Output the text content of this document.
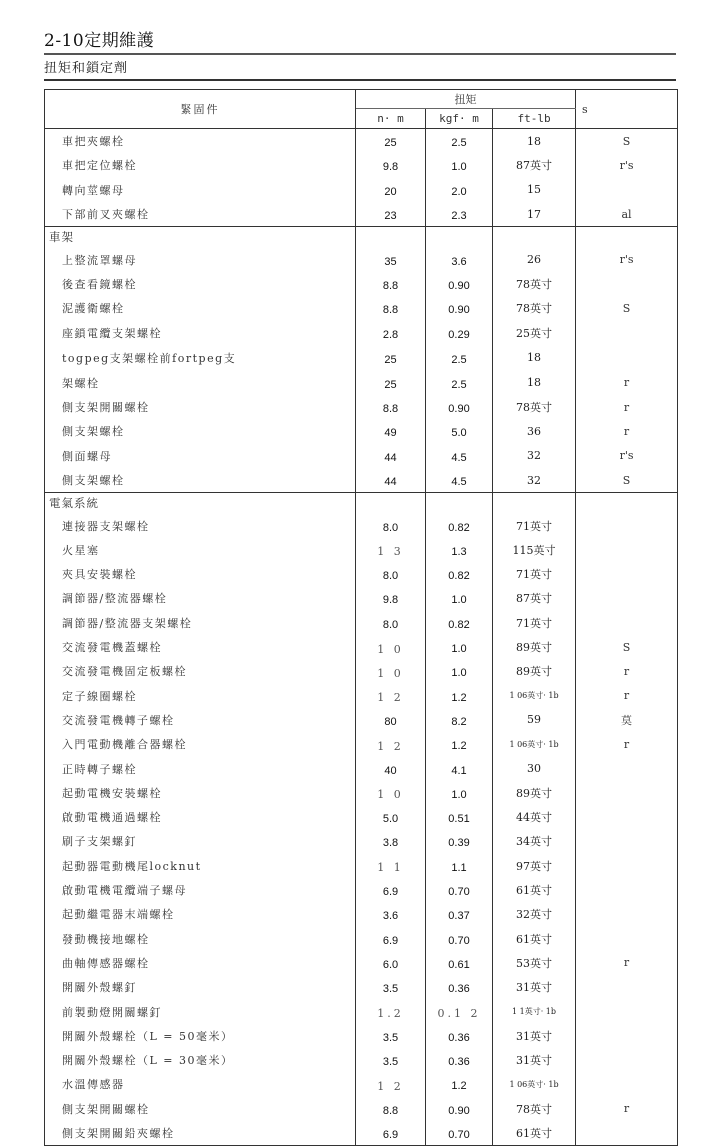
2-10定期維護
扭矩和鎖定劑
緊固件	扭矩			s
	n· m	kgf· m	ft-lb	
車把夾螺栓	25	2.5	18	S
車把定位螺栓	9.8	1.0	87英寸	r's
轉向莖螺母	20	2.0	15	
下部前叉夾螺栓	23	2.3	17	al
車架				
上整流罩螺母	35	3.6	26	r's
後查看鏡螺栓	8.8	0.90	78英寸	
泥護衛螺栓	8.8	0.90	78英寸	S
座鎖電纜支架螺栓	2.8	0.29	25英寸	
togpeg支架螺栓前fortpeg支	25	2.5	18	
架螺栓	25	2.5	18	r
側支架開關螺栓	8.8	0.90	78英寸	r
側支架螺栓	49	5.0	36	r
側面螺母	44	4.5	32	r's
側支架螺栓	44	4.5	32	S
電氣系統				
連接器支架螺栓	8.0	0.82	71英寸	
火星塞	1 3	1.3	115英寸	
夾具安裝螺栓	8.0	0.82	71英寸	
調節器/整流器螺栓	9.8	1.0	87英寸	
調節器/整流器支架螺栓	8.0	0.82	71英寸	
交流發電機蓋螺栓	1 0	1.0	89英寸	S
交流發電機固定板螺栓	1 0	1.0	89英寸	r
定子線圈螺栓	1 2	1.2	1 06英寸· 1b	r
交流發電機轉子螺栓	80	8.2	59	莫
入門電動機離合器螺栓	1 2	1.2	1 06英寸· 1b	r
正時轉子螺栓	40	4.1	30	
起動電機安裝螺栓	1 0	1.0	89英寸	
啟動電機通過螺栓	5.0	0.51	44英寸	
刷子支架螺釘	3.8	0.39	34英寸	
起動器電動機尾locknut	1 1	1.1	97英寸	
啟動電機電纜端子螺母	6.9	0.70	61英寸	
起動繼電器末端螺栓	3.6	0.37	32英寸	
發動機接地螺栓	6.9	0.70	61英寸	
曲軸傳感器螺栓	6.0	0.61	53英寸	r
開關外殼螺釘	3.5	0.36	31英寸	
前製動燈開關螺釘	1.2	0.1 2	1 1英寸· 1b	
開關外殼螺栓（L = 50毫米）	3.5	0.36	31英寸	
開關外殼螺栓（L = 30毫米）	3.5	0.36	31英寸	
水溫傳感器	1 2	1.2	1 06英寸· 1b	
側支架開關螺栓	8.8	0.90	78英寸	r
側支架開關鉛夾螺栓	6.9	0.70	61英寸	
